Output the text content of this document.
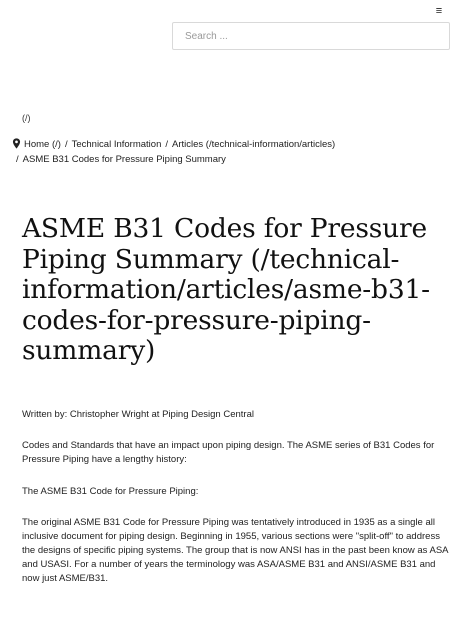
≡
Search ...
(/)
Home (/) / Technical Information / Articles (/technical-information/articles)
/ ASME B31 Codes for Pressure Piping Summary
ASME B31 Codes for Pressure Piping Summary (/technical-information/articles/asme-b31-codes-for-pressure-piping-summary)
Written by: Christopher Wright at Piping Design Central

Codes and Standards that have an impact upon piping design. The ASME series of B31 Codes for Pressure Piping have a lengthy history:

The ASME B31 Code for Pressure Piping:

The original ASME B31 Code for Pressure Piping was tentatively introduced in 1935 as a single all inclusive document for piping design. Beginning in 1955, various sections were "split-off" to address the designs of specific piping systems. The group that is now ANSI has in the past been know as ASA and USASI. For a number of years the terminology was ASA/ASME B31 and ANSI/ASME B31 and now just ASME/B31.
